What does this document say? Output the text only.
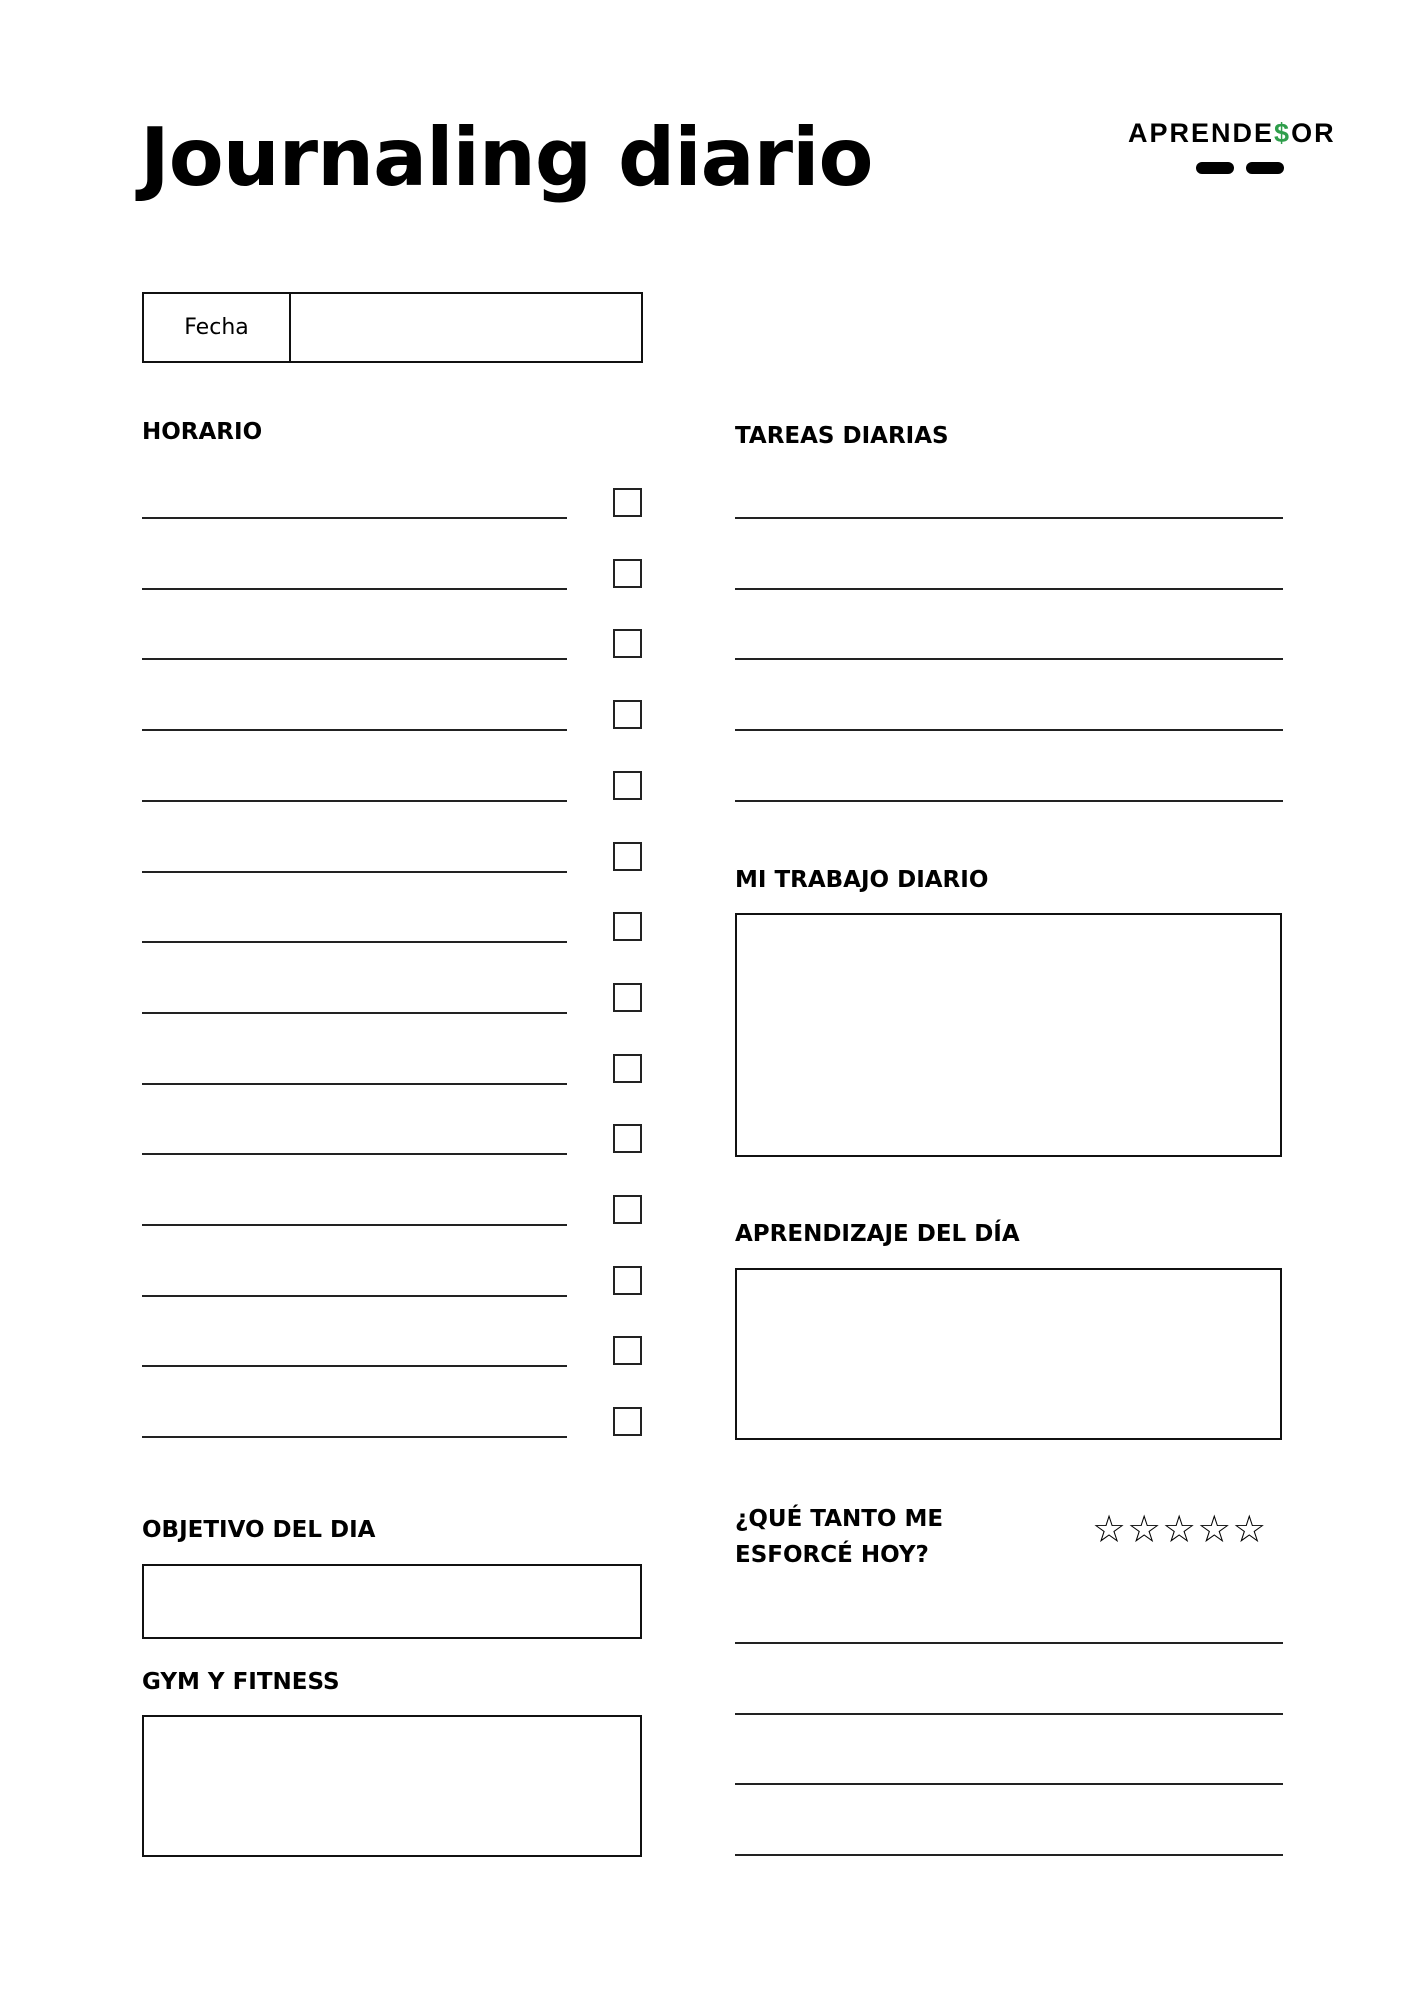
Journaling diario	APRENDE$OR
Fecha
HORARIO	TAREAS DIARIAS
MI TRABAJO DIARIO
APRENDIZAJE DEL DÍA
¿QUÉ TANTO ME
ESFORCÉ HOY?
☆☆☆☆☆
OBJETIVO DEL DIA
GYM Y FITNESS
